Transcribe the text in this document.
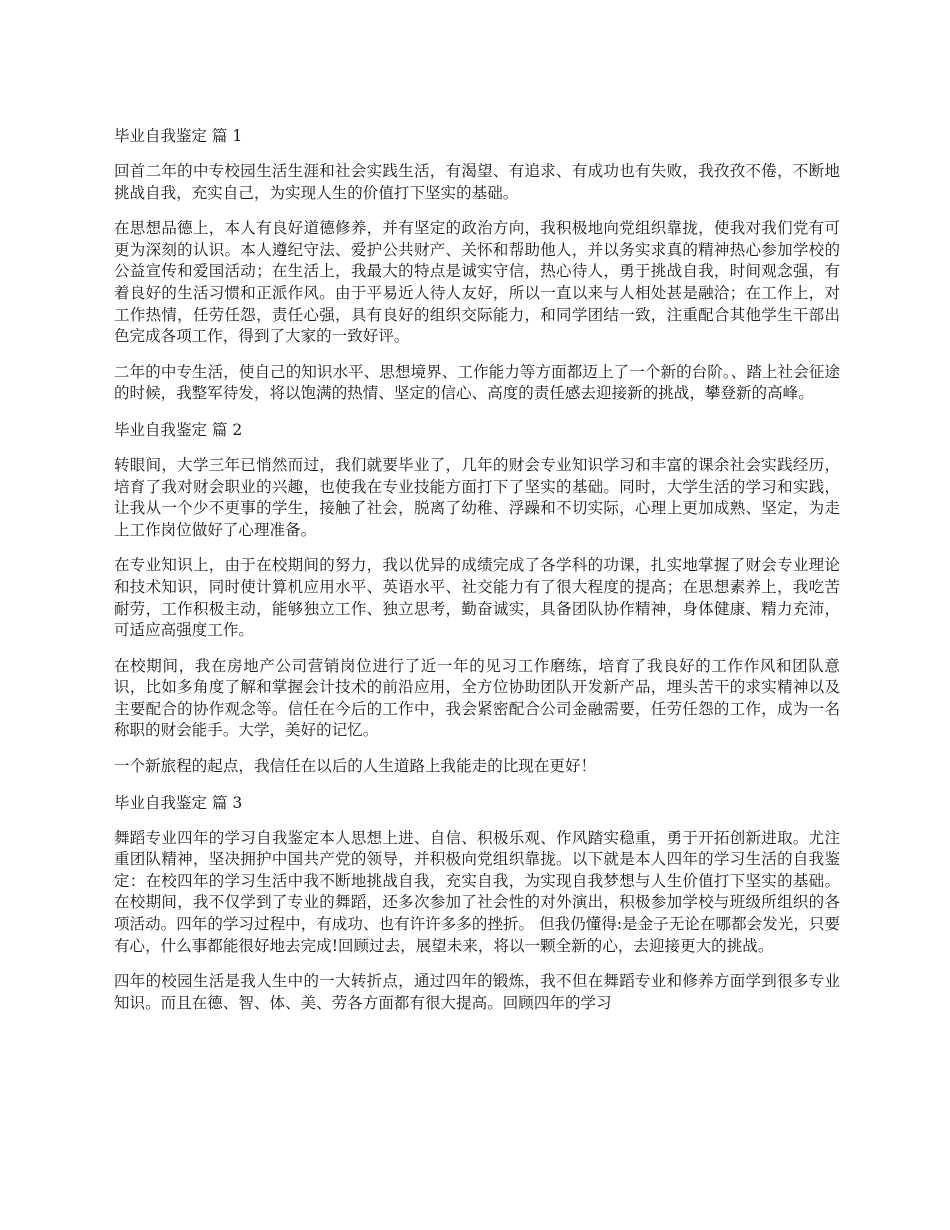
毕业自我鉴定 篇 1

回首二年的中专校园生活生涯和社会实践生活，有渴望、有追求、有成功也有失败，我孜孜不倦，不断地挑战自我，充实自己，为实现人生的价值打下坚实的基础。

在思想品德上，本人有良好道德修养，并有坚定的政治方向，我积极地向党组织靠拢，使我对我们党有可更为深刻的认识。本人遵纪守法、爱护公共财产、关怀和帮助他人，并以务实求真的精神热心参加学校的公益宣传和爱国活动；在生活上，我最大的特点是诚实守信，热心待人，勇于挑战自我，时间观念强，有着良好的生活习惯和正派作风。由于平易近人待人友好，所以一直以来与人相处甚是融洽；在工作上，对工作热情，任劳任怨，责任心强，具有良好的组织交际能力，和同学团结一致，注重配合其他学生干部出色完成各项工作，得到了大家的一致好评。

二年的中专生活，使自己的知识水平、思想境界、工作能力等方面都迈上了一个新的台阶。、踏上社会征途的时候，我整军待发，将以饱满的热情、坚定的信心、高度的责任感去迎接新的挑战，攀登新的高峰。

毕业自我鉴定 篇 2

转眼间，大学三年已悄然而过，我们就要毕业了，几年的财会专业知识学习和丰富的课余社会实践经历，培育了我对财会职业的兴趣，也使我在专业技能方面打下了坚实的基础。同时，大学生活的学习和实践，让我从一个少不更事的学生，接触了社会，脱离了幼稚、浮躁和不切实际，心理上更加成熟、坚定，为走上工作岗位做好了心理准备。

在专业知识上，由于在校期间的努力，我以优异的成绩完成了各学科的功课，扎实地掌握了财会专业理论和技术知识，同时使计算机应用水平、英语水平、社交能力有了很大程度的提高；在思想素养上，我吃苦耐劳，工作积极主动，能够独立工作、独立思考，勤奋诚实，具备团队协作精神，身体健康、精力充沛，可适应高强度工作。

在校期间，我在房地产公司营销岗位进行了近一年的见习工作磨练，培育了我良好的工作作风和团队意识，比如多角度了解和掌握会计技术的前沿应用，全方位协助团队开发新产品，埋头苦干的求实精神以及主要配合的协作观念等。信任在今后的工作中，我会紧密配合公司金融需要，任劳任怨的工作，成为一名称职的财会能手。大学，美好的记忆。

一个新旅程的起点，我信任在以后的人生道路上我能走的比现在更好！

毕业自我鉴定 篇 3

舞蹈专业四年的学习自我鉴定本人思想上进、自信、积极乐观、作风踏实稳重，勇于开拓创新进取。尤注重团队精神，坚决拥护中国共产党的领导，并积极向党组织靠拢。以下就是本人四年的学习生活的自我鉴定：在校四年的学习生活中我不断地挑战自我，充实自我，为实现自我梦想与人生价值打下坚实的基础。在校期间，我不仅学到了专业的舞蹈，还多次参加了社会性的对外演出，积极参加学校与班级所组织的各项活动。四年的学习过程中，有成功、也有许许多多的挫折。 但我仍懂得:是金子无论在哪都会发光，只要有心，什么事都能很好地去完成!回顾过去，展望未来，将以一颗全新的心，去迎接更大的挑战。

四年的校园生活是我人生中的一大转折点，通过四年的锻炼，我不但在舞蹈专业和修养方面学到很多专业知识。而且在德、智、体、美、劳各方面都有很大提高。回顾四年的学习
